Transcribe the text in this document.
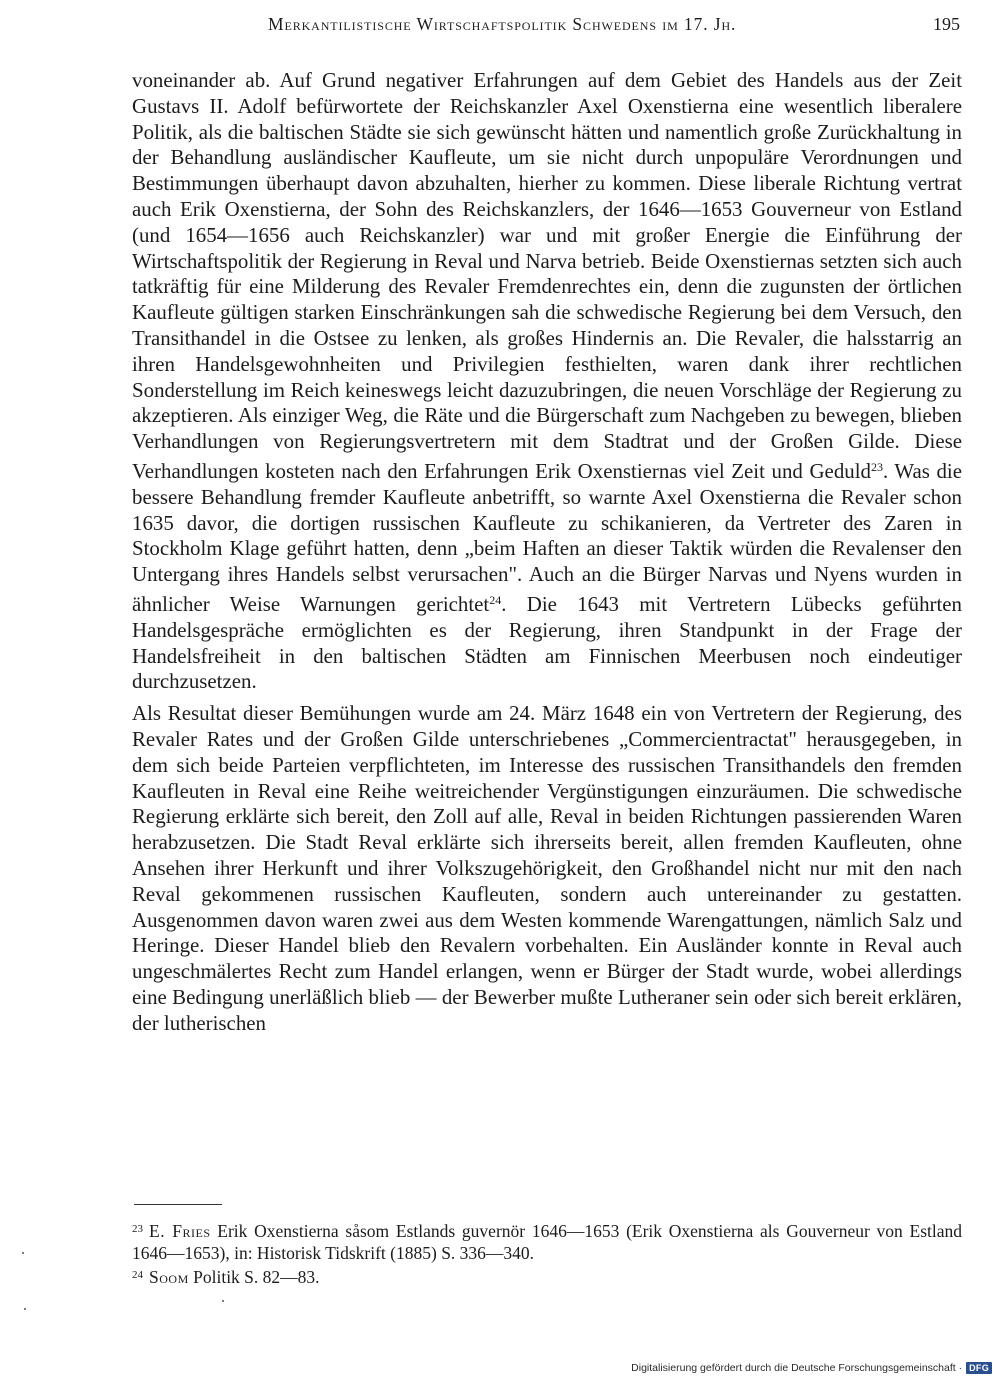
Merkantilistische Wirtschaftspolitik Schwedens im 17. Jh.	195

voneinander ab. Auf Grund negativer Erfahrungen auf dem Gebiet des Handels aus der Zeit Gustavs II. Adolf befürwortete der Reichskanzler Axel Oxenstierna eine wesentlich liberalere Politik, als die baltischen Städte sie sich gewünscht hätten und namentlich große Zurückhaltung in der Behandlung ausländischer Kaufleute, um sie nicht durch unpopuläre Verordnungen und Bestimmungen überhaupt davon abzuhalten, hierher zu kommen. Diese liberale Richtung vertrat auch Erik Oxenstierna, der Sohn des Reichskanzlers, der 1646—1653 Gouverneur von Estland (und 1654—1656 auch Reichskanzler) war und mit großer Energie die Einführung der Wirtschaftspolitik der Regierung in Reval und Narva betrieb. Beide Oxenstiernas setzten sich auch tatkräftig für eine Milderung des Revaler Fremdenrechtes ein, denn die zugunsten der örtlichen Kaufleute gültigen starken Einschränkungen sah die schwedische Regierung bei dem Versuch, den Transithandel in die Ostsee zu lenken, als großes Hindernis an. Die Revaler, die halsstarrig an ihren Handelsgewohnheiten und Privilegien festhielten, waren dank ihrer rechtlichen Sonderstellung im Reich keineswegs leicht dazuzubringen, die neuen Vorschläge der Regierung zu akzeptieren. Als einziger Weg, die Räte und die Bürgerschaft zum Nachgeben zu bewegen, blieben Verhandlungen von Regierungsvertretern mit dem Stadtrat und der Großen Gilde. Diese Verhandlungen kosteten nach den Erfahrungen Erik Oxenstiernas viel Zeit und Geduld$^{23}$. Was die bessere Behandlung fremder Kaufleute anbetrifft, so warnte Axel Oxenstierna die Revaler schon 1635 davor, die dortigen russischen Kaufleute zu schikanieren, da Vertreter des Zaren in Stockholm Klage geführt hatten, denn „beim Haften an dieser Taktik würden die Revalenser den Untergang ihres Handels selbst verursachen". Auch an die Bürger Narvas und Nyens wurden in ähnlicher Weise Warnungen gerichtet$^{24}$. Die 1643 mit Vertretern Lübecks geführten Handelsgespräche ermöglichten es der Regierung, ihren Standpunkt in der Frage der Handelsfreiheit in den baltischen Städten am Finnischen Meerbusen noch eindeutiger durchzusetzen.

Als Resultat dieser Bemühungen wurde am 24. März 1648 ein von Vertretern der Regierung, des Revaler Rates und der Großen Gilde unterschriebenes „Commercientractat" herausgegeben, in dem sich beide Parteien verpflichteten, im Interesse des russischen Transithandels den fremden Kaufleuten in Reval eine Reihe weitreichender Vergünstigungen einzuräumen. Die schwedische Regierung erklärte sich bereit, den Zoll auf alle, Reval in beiden Richtungen passierenden Waren herabzusetzen. Die Stadt Reval erklärte sich ihrerseits bereit, allen fremden Kaufleuten, ohne Ansehen ihrer Herkunft und ihrer Volkszugehörigkeit, den Großhandel nicht nur mit den nach Reval gekommenen russischen Kaufleuten, sondern auch untereinander zu gestatten. Ausgenommen davon waren zwei aus dem Westen kommende Warengattungen, nämlich Salz und Heringe. Dieser Handel blieb den Revalern vorbehalten. Ein Ausländer konnte in Reval auch ungeschmälertes Recht zum Handel erlangen, wenn er Bürger der Stadt wurde, wobei allerdings eine Bedingung unerläßlich blieb — der Bewerber mußte Lutheraner sein oder sich bereit erklären, der lutherischen

$^{23}$ E. Fries Erik Oxenstierna såsom Estlands guvernör 1646—1653 (Erik Oxenstierna als Gouverneur von Estland 1646—1653), in: Historisk Tidskrift (1885) S. 336—340.

$^{24}$ Soom Politik S. 82—83.

Digitalisierung gefördert durch die Deutsche Forschungsgemeinschaft · DFG
